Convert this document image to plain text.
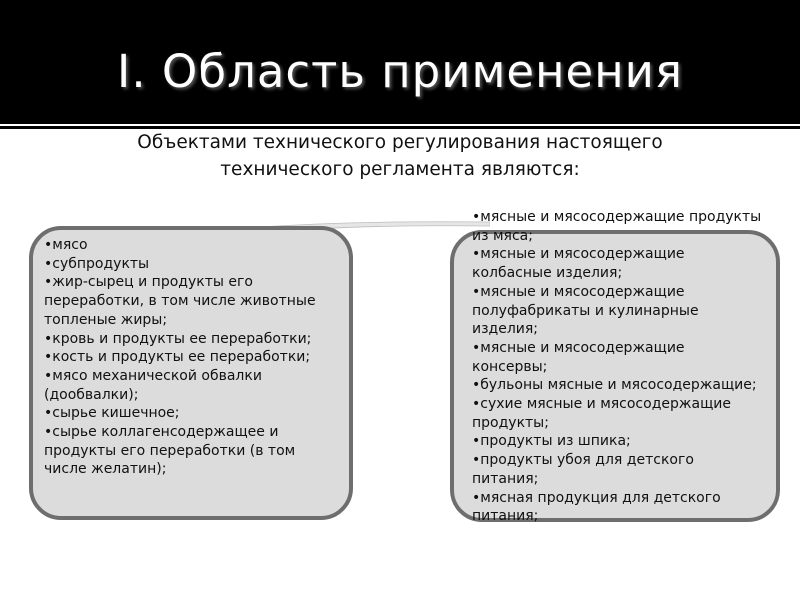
I. Область применения
Объектами технического регулирования настоящего
технического регламента являются:
•мясо
•субпродукты
•жир-сырец и продукты его переработки, в том числе животные топленые жиры;
•кровь и продукты ее переработки;
•кость и продукты ее переработки;
•мясо механической обвалки (дообвалки);
•сырье кишечное;
•сырье коллагенсодержащее и продукты его переработки (в том числе желатин);
•мясные и мясосодержащие продукты из мяса;
•мясные и мясосодержащие колбасные изделия;
•мясные и мясосодержащие полуфабрикаты и кулинарные изделия;
•мясные и мясосодержащие консервы;
•бульоны мясные и мясосодержащие;
•сухие мясные и мясосодержащие продукты;
•продукты из шпика;
•продукты убоя для детского питания;
•мясная продукция для детского питания;
